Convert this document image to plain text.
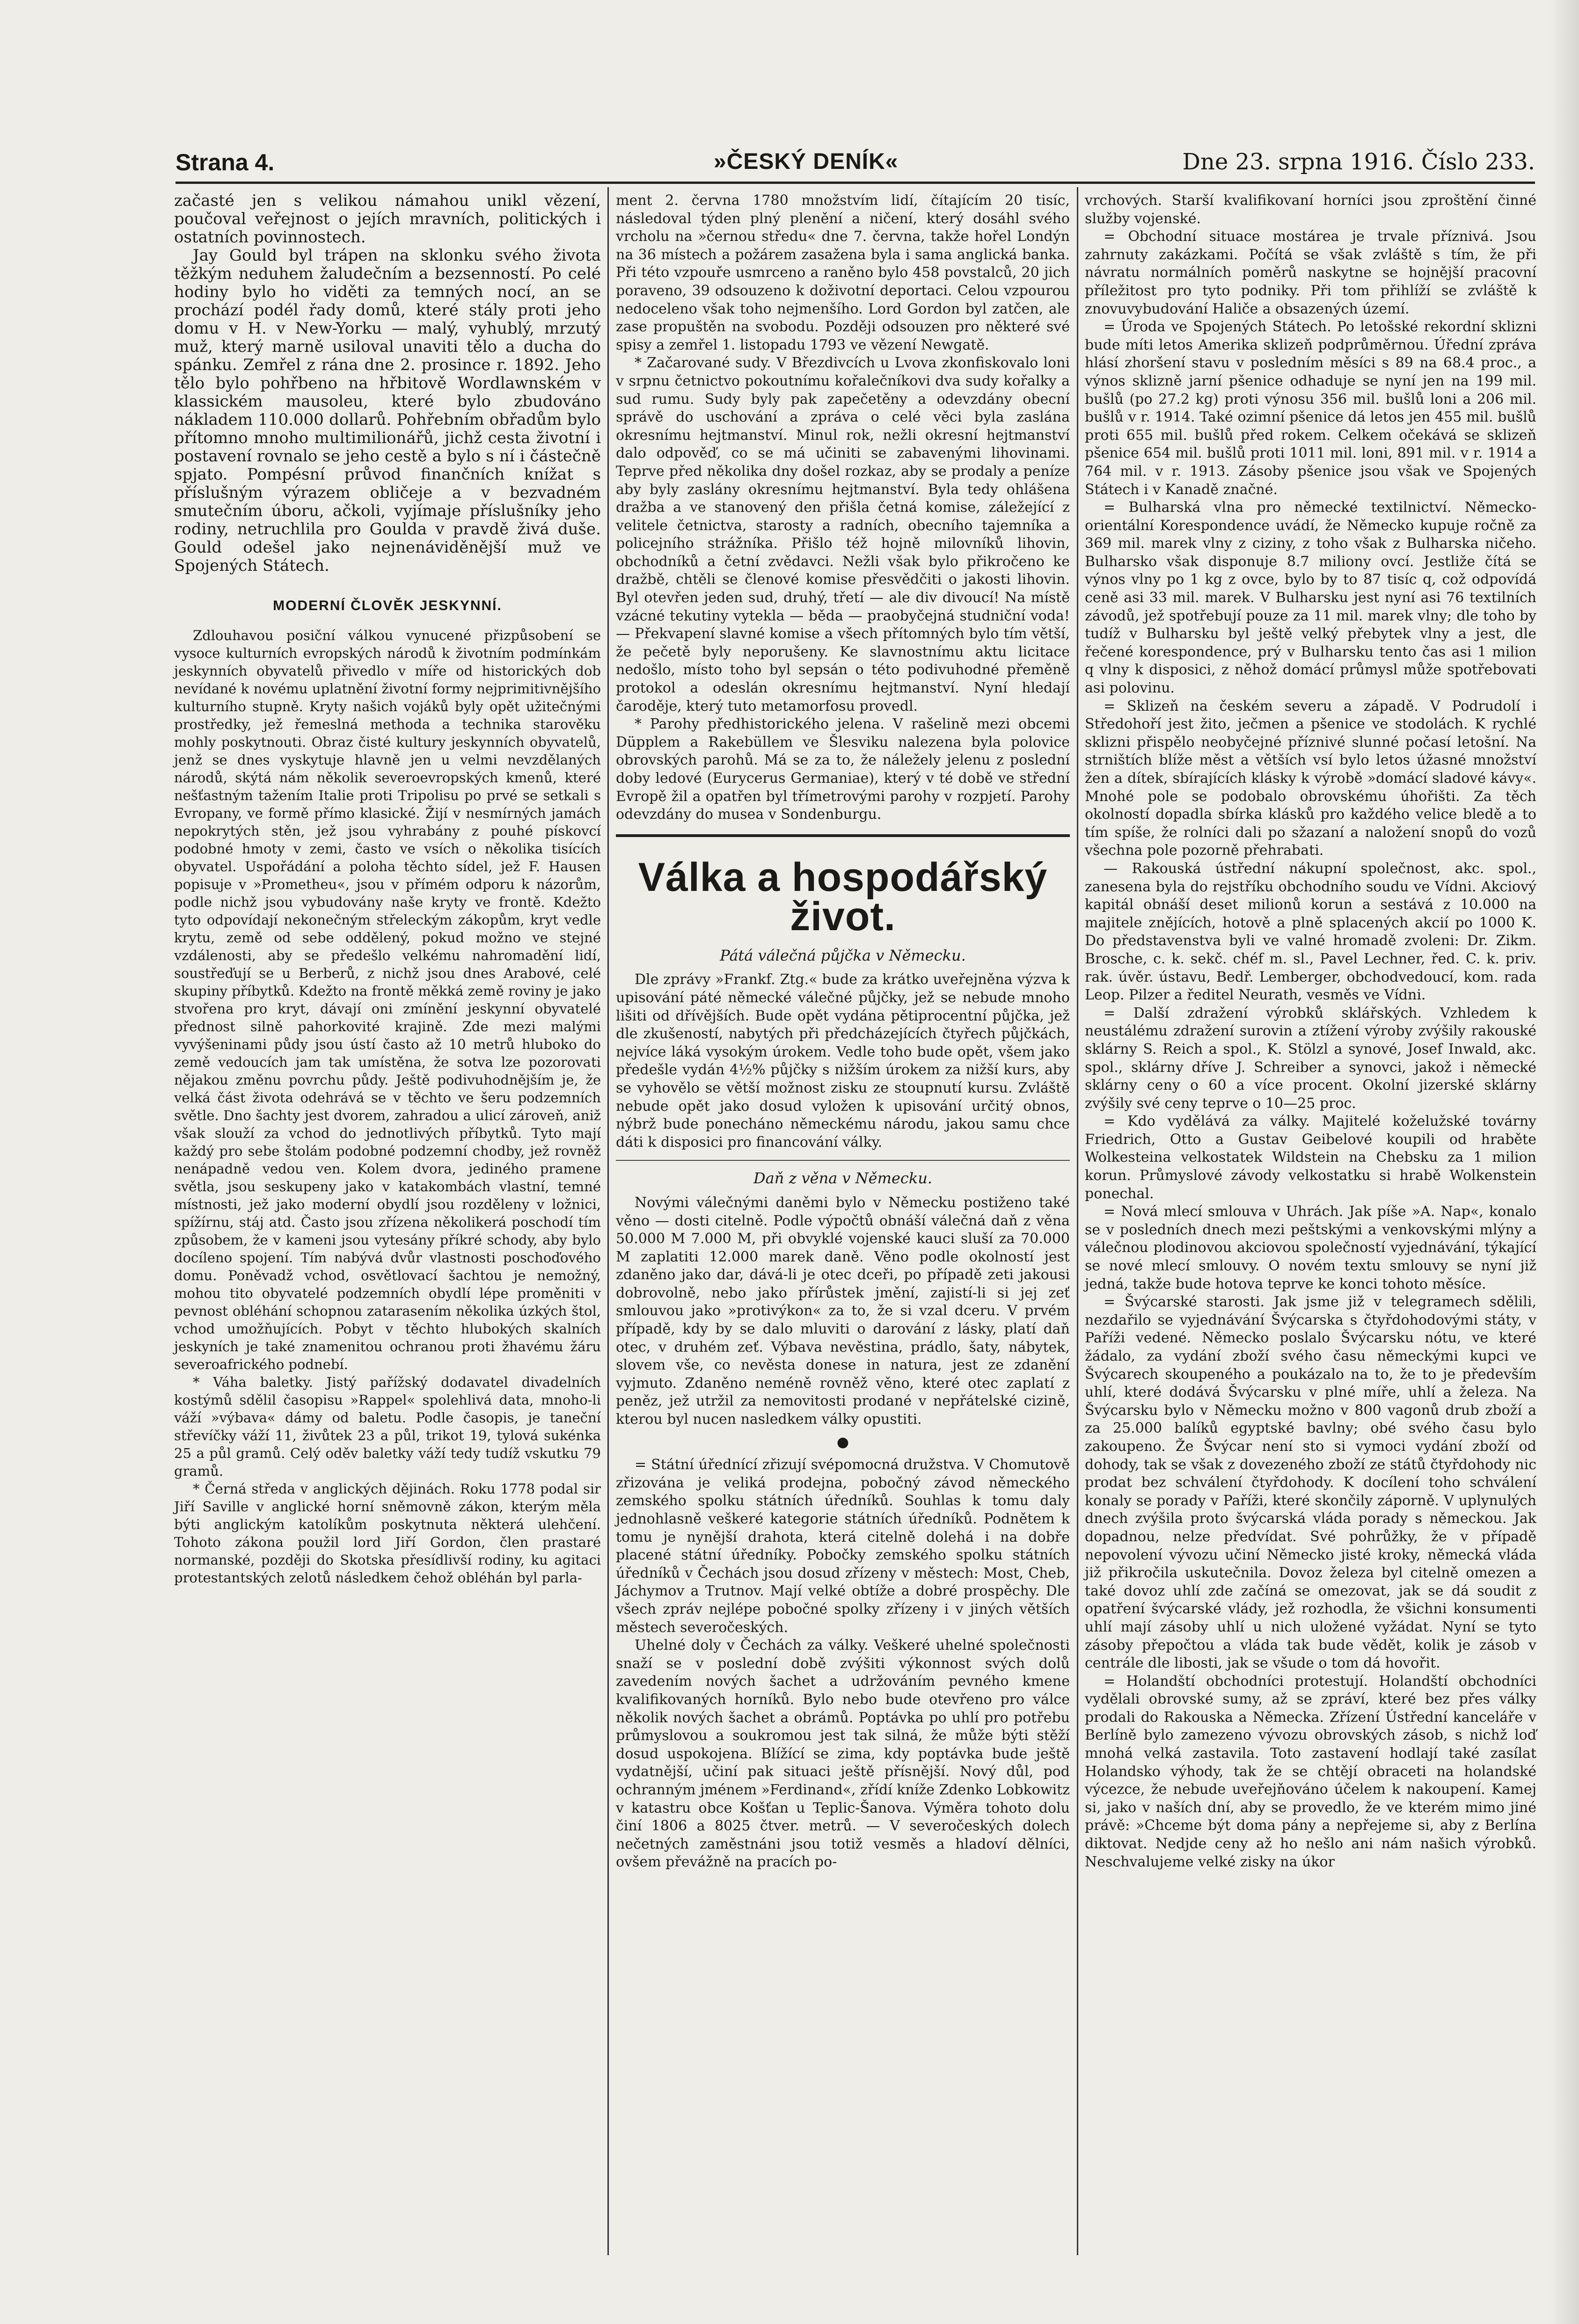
Strana 4.	»ČESKÝ DENÍK«	Dne 23. srpna 1916. Číslo 233.

začasté jen s velikou námahou unikl vězení, poučoval veřejnost o jejích mravních, politických i ostatních povinnostech.

Jay Gould byl trápen na sklonku svého života těžkým neduhem žaludečním a bezsenností. Po celé hodiny bylo ho viděti za temných nocí, an se prochází podél řady domů, které stály proti jeho domu v H. v New-Yorku — malý, vyhublý, mrzutý muž, který marně usiloval unaviti tělo a ducha do spánku. Zemřel z rána dne 2. prosince r. 1892. Jeho tělo bylo pohřbeno na hřbitově Wordlawnském v klassickém mausoleu, které bylo zbudováno nákladem 110.000 dollarů. Pohřebním obřadům bylo přítomno mnoho multimilionářů, jichž cesta životní i postavení rovnalo se jeho cestě a bylo s ní i částečně spjato. Pompésní průvod finančních knížat s příslušným výrazem obličeje a v bezvadném smutečním úboru, ačkoli, vyjímaje příslušníky jeho rodiny, netruchlila pro Goulda v pravdě živá duše. Gould odešel jako nejnenáviděnější muž ve Spojených Státech.

MODERNÍ ČLOVĚK JESKYNNÍ.

Zdlouhavou posiční válkou vynucené přizpůsobení se vysoce kulturních evropských národů k životním podmínkám jeskynních obyvatelů přivedlo v míře od historických dob nevídané k novému uplatnění životní formy nejprimitivnějšího kulturního stupně. Kryty našich vojáků byly opět užitečnými prostředky, jež řemeslná methoda a technika starověku mohly poskytnouti. Obraz čisté kultury jeskynních obyvatelů, jenž se dnes vyskytuje hlavně jen u velmi nevzdělaných národů, skýtá nám několik severoevropských kmenů, které nešťastným tažením Italie proti Tripolisu po prvé se setkali s Evropany, ve formě přímo klasické. Žijí v nesmírných jamách nepokrytých stěn, jež jsou vyhrabány z pouhé pískovcí podobné hmoty v zemi, často ve vsích o několika tisících obyvatel. Uspořádání a poloha těchto sídel, jež F. Hausen popisuje v »Prometheu«, jsou v přímém odporu k názorům, podle nichž jsou vybudovány naše kryty ve frontě. Kdežto tyto odpovídají nekonečným střeleckým zákopům, kryt vedle krytu, země od sebe oddělený, pokud možno ve stejné vzdálenosti, aby se předešlo velkému nahromadění lidí, soustřeďují se u Berberů, z nichž jsou dnes Arabové, celé skupiny příbytků. Kdežto na frontě měkká země roviny je jako stvořena pro kryt, dávají oni zmínění jeskynní obyvatelé přednost silně pahorkovité krajině. Zde mezi malými vyvýšeninami půdy jsou ústí často až 10 metrů hluboko do země vedoucích jam tak umístěna, že sotva lze pozorovati nějakou změnu povrchu půdy. Ještě podivuhodnějším je, že velká část života odehrává se v těchto ve šeru podzemních světle. Dno šachty jest dvorem, zahradou a ulicí zároveň, aniž však slouží za vchod do jednotlivých příbytků. Tyto mají každý pro sebe štolám podobné podzemní chodby, jež rovněž nenápadně vedou ven. Kolem dvora, jediného pramene světla, jsou seskupeny jako v katakombách vlastní, temné místnosti, jež jako moderní obydlí jsou rozděleny v ložnici, spížírnu, stáj atd. Často jsou zřízena několikerá poschodí tím způsobem, že v kameni jsou vytesány příkré schody, aby bylo docíleno spojení. Tím nabývá dvůr vlastnosti poschoďového domu. Poněvadž vchod, osvětlovací šachtou je nemožný, mohou tito obyvatelé podzemních obydlí lépe proměniti v pevnost obléhání schopnou zatarasením několika úzkých štol, vchod umožňujících. Pobyt v těchto hlubokých skalních jeskyních je také znamenitou ochranou proti žhavému žáru severoafrického podnebí.

* Váha baletky. Jistý pařížský dodavatel divadelních kostýmů sdělil časopisu »Rappel« spolehlivá data, mnoho-li váží »výbava« dámy od baletu. Podle časopis, je taneční střevíčky váží 11, živůtek 23 a půl, trikot 19, tylová sukénka 25 a půl gramů. Celý oděv baletky váží tedy tudíž vskutku 79 gramů.

* Černá středa v anglických dějinách. Roku 1778 podal sir Jiří Saville v anglické horní sněmovně zákon, kterým měla býti anglickým katolíkům poskytnuta některá ulehčení. Tohoto zákona použil lord Jiří Gordon, člen prastaré normanské, později do Skotska přesídlivší rodiny, ku agitaci protestantských zelotů následkem čehož obléhán byl parla-

ment 2. června 1780 množstvím lidí, čítajícím 20 tisíc, následoval týden plný plenění a ničení, který dosáhl svého vrcholu na »černou středu« dne 7. června, takže hořel Londýn na 36 místech a požárem zasažena byla i sama anglická banka. Při této vzpouře usmrceno a raněno bylo 458 povstalců, 20 jich poraveno, 39 odsouzeno k doživotní deportaci. Celou vzpourou nedoceleno však toho nejmenšího. Lord Gordon byl zatčen, ale zase propuštěn na svobodu. Později odsouzen pro některé své spisy a zemřel 1. listopadu 1793 ve vězení Newgatě.

* Začarované sudy. V Březdivcích u Lvova zkonfiskovalo loni v srpnu četnictvo pokoutnímu kořalečníkovi dva sudy kořalky a sud rumu. Sudy byly pak zapečetěny a odevzdány obecní správě do uschování a zpráva o celé věci byla zaslána okresnímu hejtmanství. Minul rok, nežli okresní hejtmanství dalo odpověď, co se má učiniti se zabavenými lihovinami. Teprve před několika dny došel rozkaz, aby se prodaly a peníze aby byly zaslány okresnímu hejtmanství. Byla tedy ohlášena dražba a ve stanovený den přišla četná komise, záležející z velitele četnictva, starosty a radních, obecního tajemníka a policejního strážníka. Přišlo též hojně milovníků lihovin, obchodníků a četní zvědavci. Nežli však bylo přikročeno ke dražbě, chtěli se členové komise přesvědčiti o jakosti lihovin. Byl otevřen jeden sud, druhý, třetí — ale div divoucí! Na místě vzácné tekutiny vytekla — běda — praobyčejná studniční voda! — Překvapení slavné komise a všech přítomných bylo tím větší, že pečetě byly neporušeny. Ke slavnostnímu aktu licitace nedošlo, místo toho byl sepsán o této podivuhodné přeměně protokol a odeslán okresnímu hejtmanství. Nyní hledají čaroděje, který tuto metamorfosu provedl.

* Parohy předhistorického jelena. V rašelině mezi obcemi Düpplem a Rakebüllem ve Šlesviku nalezena byla polovice obrovských parohů. Má se za to, že náležely jelenu z poslední doby ledové (Eurycerus Germaniae), který v té době ve střední Evropě žil a opatřen byl třímetrovými parohy v rozpjetí. Parohy odevzdány do musea v Sondenburgu.

Válka a hospodářský život.
Pátá válečná půjčka v Německu.

Dle zprávy »Frankf. Ztg.« bude za krátko uveřejněna výzva k upisování páté německé válečné půjčky, jež se nebude mnoho lišiti od dřívějších. Bude opět vydána pětiprocentní půjčka, jež dle zkušeností, nabytých při předcházejících čtyřech půjčkách, nejvíce láká vysokým úrokem. Vedle toho bude opět, všem jako předešle vydán 4½% půjčky s nižším úrokem za nižší kurs, aby se vyhovělo se větší možnost zisku ze stoupnutí kursu. Zvláště nebude opět jako dosud vyložen k upisování určitý obnos, nýbrž bude ponecháno německému národu, jakou samu chce dáti k disposici pro financování války.

Daň z věna v Německu.

Novými válečnými daněmi bylo v Německu postiženo také věno — dosti citelně. Podle výpočtů obnáší válečná daň z věna 50.000 M 7.000 M, při obvyklé vojenské kauci sluší za 70.000 M zaplatiti 12.000 marek daně. Věno podle okolností jest zdaněno jako dar, dává-li je otec dceři, po případě zeti jakousi dobrovolně, nebo jako přírůstek jmění, zajistí-li si jej zeť smlouvou jako »protivýkon« za to, že si vzal dceru. V prvém případě, kdy by se dalo mluviti o darování z lásky, platí daň otec, v druhém zeť. Výbava nevěstina, prádlo, šaty, nábytek, slovem vše, co nevěsta donese in natura, jest ze zdanění vyjmuto. Zdaněno neméně rovněž věno, které otec zaplatí z peněz, jež utržil za nemovitosti prodané v nepřátelské cizině, kterou byl nucen nasledkem války opustiti.

●

= Státní úřednící zřizují svépomocná družstva. V Chomutově zřizována je veliká prodejna, pobočný závod německého zemského spolku státních úředníků. Souhlas k tomu daly jednohlasně veškeré kategorie státních úředníků. Podnětem k tomu je nynější drahota, která citelně dolehá i na dobře placené státní úředníky. Pobočky zemského spolku státních úředníků v Čechách jsou dosud zřízeny v městech: Most, Cheb, Jáchymov a Trutnov. Mají velké obtíže a dobré prospěchy. Dle všech zpráv nejlépe pobočné spolky zřízeny i v jiných větších městech severočeských.

Uhelné doly v Čechách za války. Veškeré uhelné společnosti snaží se v poslední době zvýšiti výkonnost svých dolů zavedením nových šachet a udržováním pevného kmene kvalifikovaných horníků. Bylo nebo bude otevřeno pro válce několik nových šachet a obrámů. Poptávka po uhlí pro potřebu průmyslovou a soukromou jest tak silná, že může býti stěží dosud uspokojena. Blížící se zima, kdy poptávka bude ještě vydatnější, učiní pak situaci ještě přísnější. Nový důl, pod ochranným jménem »Ferdinand«, zřídí kníže Zdenko Lobkowitz v katastru obce Košťan u Teplic-Šanova. Výměra tohoto dolu činí 1806 a 8025 čtver. metrů. — V severočeských dolech nečetných zaměstnáni jsou totiž vesměs a hladoví dělníci, ovšem převážně na pracích po-

vrchových. Starší kvalifikovaní horníci jsou zproštění činné služby vojenské.

= Obchodní situace mostárea je trvale příznivá. Jsou zahrnuty zakázkami. Počítá se však zvláště s tím, že při návratu normálních poměrů naskytne se hojnější pracovní příležitost pro tyto podniky. Při tom přihlíží se zvláště k znovuvybudování Haliče a obsazených území.

= Úroda ve Spojených Státech. Po letošské rekordní sklizni bude míti letos Amerika sklizeň podprůměrnou. Úřední zpráva hlásí zhoršení stavu v posledním měsíci s 89 na 68.4 proc., a výnos sklizně jarní pšenice odhaduje se nyní jen na 199 mil. bušlů (po 27.2 kg) proti výnosu 356 mil. bušlů loni a 206 mil. bušlů v r. 1914. Také ozimní pšenice dá letos jen 455 mil. bušlů proti 655 mil. bušlů před rokem. Celkem očekává se sklizeň pšenice 654 mil. bušlů proti 1011 mil. loni, 891 mil. v r. 1914 a 764 mil. v r. 1913. Zásoby pšenice jsou však ve Spojených Státech i v Kanadě značné.

= Bulharská vlna pro německé textilnictví. Německo-orientální Korespondence uvádí, že Německo kupuje ročně za 369 mil. marek vlny z ciziny, z toho však z Bulharska ničeho. Bulharsko však disponuje 8.7 miliony ovcí. Jestliže čítá se výnos vlny po 1 kg z ovce, bylo by to 87 tisíc q, což odpovídá ceně asi 33 mil. marek. V Bulharsku jest nyní asi 76 textilních závodů, jež spotřebují pouze za 11 mil. marek vlny; dle toho by tudíž v Bulharsku byl ještě velký přebytek vlny a jest, dle řečené korespondence, prý v Bulharsku tento čas asi 1 milion q vlny k disposici, z něhož domácí průmysl může spotřebovati asi polovinu.

= Sklizeň na českém severu a západě. V Podrudolí i Středohoří jest žito, ječmen a pšenice ve stodolách. K rychlé sklizni přispělo neobyčejné příznivé slunné počasí letošní. Na strništích blíže měst a větších vsí bylo letos úžasné množství žen a dítek, sbírajících klásky k výrobě »domácí sladové kávy«. Mnohé pole se podobalo obrovskému úhořišti. Za těch okolností dopadla sbírka klásků pro každého velice bledě a to tím spíše, že rolníci dali po sžazaní a naložení snopů do vozů všechna pole pozorně přehrabati.

— Rakouská ústřední nákupní společnost, akc. spol., zanesena byla do rejstříku obchodního soudu ve Vídni. Akciový kapitál obnáší deset milionů korun a sestává z 10.000 na majitele znějících, hotově a plně splacených akcií po 1000 K. Do představenstva byli ve valné hromadě zvoleni: Dr. Zikm. Brosche, c. k. sekč. chéf m. sl., Pavel Lechner, řed. C. k. priv. rak. úvěr. ústavu, Bedř. Lemberger, obchodvedoucí, kom. rada Leop. Pilzer a ředitel Neurath, vesměs ve Vídni.

= Další zdražení výrobků sklářských. Vzhledem k neustálému zdražení surovin a ztížení výroby zvýšily rakouské sklárny S. Reich a spol., K. Stölzl a synové, Josef Inwald, akc. spol., sklárny dříve J. Schreiber a synovci, jakož i německé sklárny ceny o 60 a více procent. Okolní jizerské sklárny zvýšily své ceny teprve o 10—25 proc.

= Kdo vydělává za války. Majitelé koželužské továrny Friedrich, Otto a Gustav Geibelové koupili od hraběte Wolkesteina velkostatek Wildstein na Chebsku za 1 milion korun. Průmyslové závody velkostatku si hrabě Wolkenstein ponechal.

= Nová mlecí smlouva v Uhrách. Jak píše »A. Nap«, konalo se v posledních dnech mezi peštskými a venkovskými mlýny a válečnou plodinovou akciovou společností vyjednávání, týkající se nové mlecí smlouvy. O novém textu smlouvy se nyní již jedná, takže bude hotova teprve ke konci tohoto měsíce.

= Švýcarské starosti. Jak jsme již v telegramech sdělili, nezdařilo se vyjednávání Švýcarska s čtyřdohodovými státy, v Paříži vedené. Německo poslalo Švýcarsku nótu, ve které žádalo, za vydání zboží svého času německými kupci ve Švýcarech skoupeného a poukázalo na to, že to je především uhlí, které dodává Švýcarsku v plné míře, uhlí a železa. Na Švýcarsku bylo v Německu možno v 800 vagonů drub zboží a za 25.000 balíků egyptské bavlny; obé svého času bylo zakoupeno. Že Švýcar není sto si vymoci vydání zboží od dohody, tak se však z dovezeného zboží ze států čtyřdohody nic prodat bez schválení čtyřdohody. K docílení toho schválení konaly se porady v Paříži, které skončily záporně. V uplynulých dnech zvýšila proto švýcarská vláda porady s německou. Jak dopadnou, nelze předvídat. Své pohrůžky, že v případě nepovolení vývozu učiní Německo jisté kroky, německá vláda již přikročila uskutečnila. Dovoz železa byl citelně omezen a také dovoz uhlí zde začíná se omezovat, jak se dá soudit z opatření švýcarské vlády, jež rozhodla, že všichni konsumenti uhlí mají zásoby uhlí u nich uložené vyžádat. Nyní se tyto zásoby přepočtou a vláda tak bude vědět, kolik je zásob v centrále dle libosti, jak se všude o tom dá hovořit.

= Holandští obchodníci protestují. Holandští obchodníci vydělali obrovské sumy, až se zpráví, které bez přes války prodali do Rakouska a Německa. Zřízení Ústřední kanceláře v Berlíně bylo zamezeno vývozu obrovských zásob, s nichž loď mnohá velká zastavila. Toto zastavení hodlají také zasílat Holandsko výhody, tak že se chtějí obraceti na holandské výcezce, že nebude uveřejňováno účelem k nakoupení. Kamej si, jako v naších dní, aby se provedlo, že ve kterém mimo jiné právě: »Chceme být doma pány a nepřejeme si, aby z Berlína diktovat. Nedjde ceny až ho nešlo ani nám našich výrobků. Neschvalujeme velké zisky na úkor
